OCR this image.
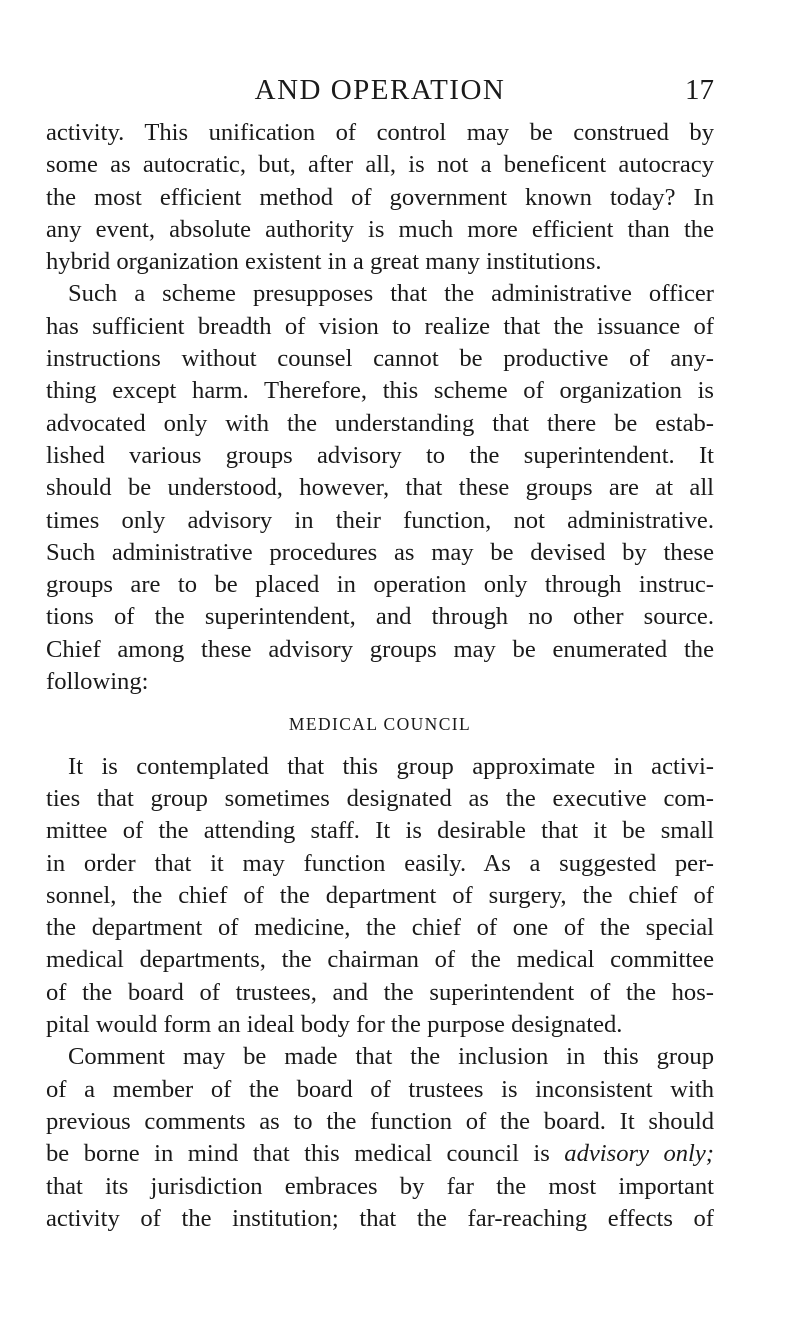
AND OPERATION	17
activity. This unification of control may be construed by
some as autocratic, but, after all, is not a beneficent autocracy
the most efficient method of government known today? In
any event, absolute authority is much more efficient than the
hybrid organization existent in a great many institutions.
Such a scheme presupposes that the administrative officer
has sufficient breadth of vision to realize that the issuance of
instructions without counsel cannot be productive of any-
thing except harm. Therefore, this scheme of organization is
advocated only with the understanding that there be estab-
lished various groups advisory to the superintendent. It
should be understood, however, that these groups are at all
times only advisory in their function, not administrative.
Such administrative procedures as may be devised by these
groups are to be placed in operation only through instruc-
tions of the superintendent, and through no other source.
Chief among these advisory groups may be enumerated the
following:
MEDICAL COUNCIL
It is contemplated that this group approximate in activi-
ties that group sometimes designated as the executive com-
mittee of the attending staff. It is desirable that it be small
in order that it may function easily. As a suggested per-
sonnel, the chief of the department of surgery, the chief of
the department of medicine, the chief of one of the special
medical departments, the chairman of the medical committee
of the board of trustees, and the superintendent of the hos-
pital would form an ideal body for the purpose designated.
Comment may be made that the inclusion in this group
of a member of the board of trustees is inconsistent with
previous comments as to the function of the board. It should
be borne in mind that this medical council is advisory only;
that its jurisdiction embraces by far the most important
activity of the institution; that the far-reaching effects of
